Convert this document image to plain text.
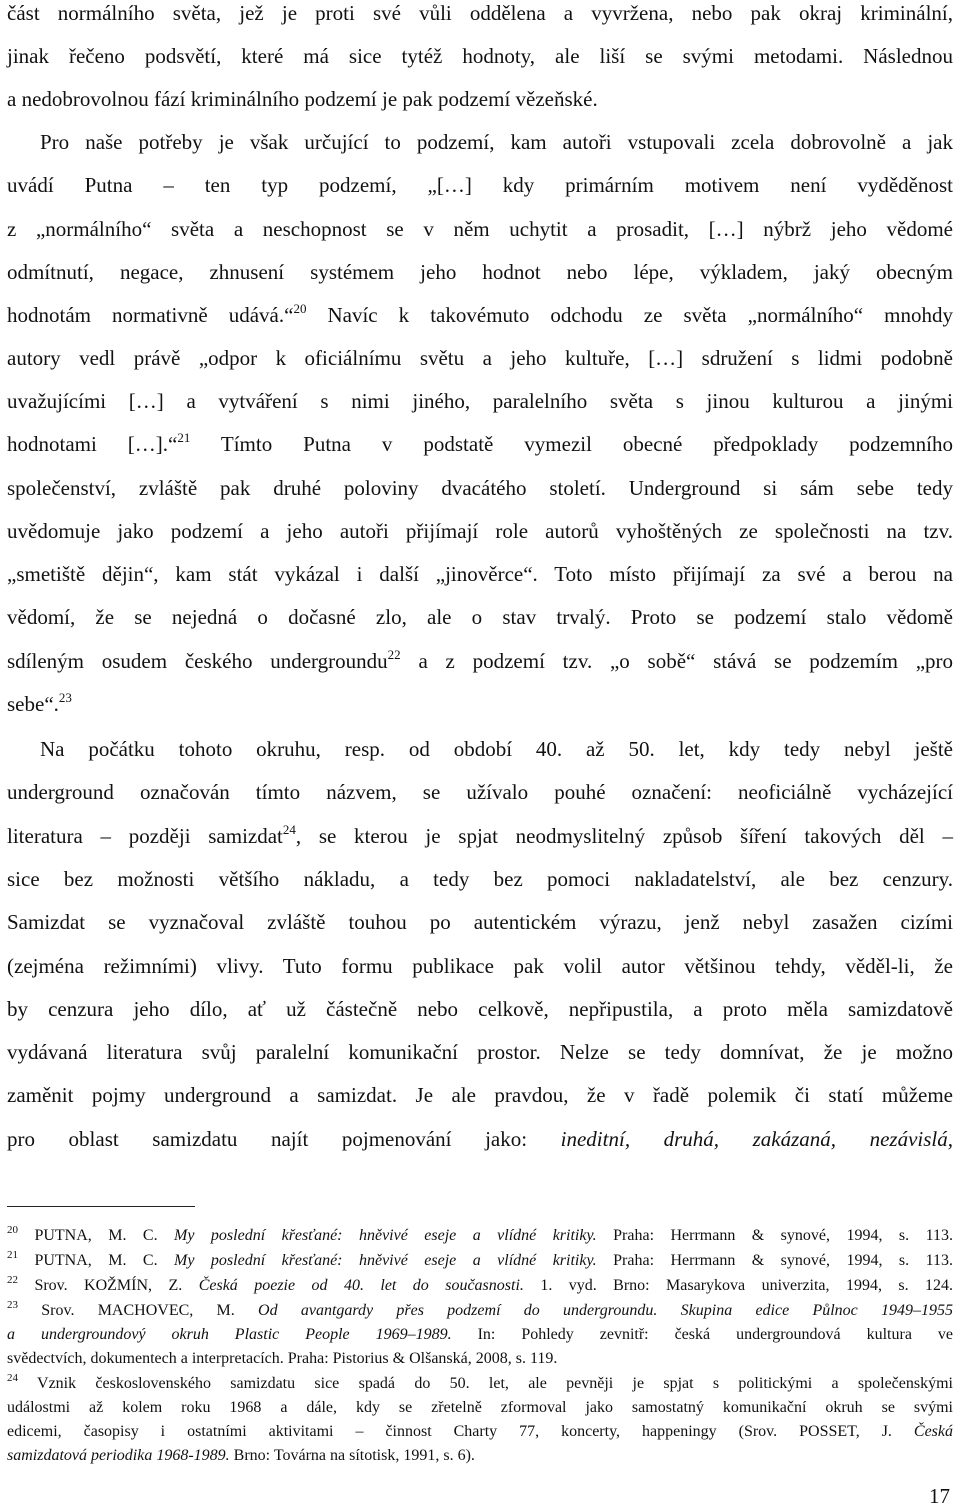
část normálního světa, jež je proti své vůli oddělena a vyvržena, nebo pak okraj kriminální,
jinak řečeno podsvětí, které má sice tytéž hodnoty, ale liší se svými metodami. Následnou
a nedobrovolnou fází kriminálního podzemí je pak podzemí vězeňské.
Pro naše potřeby je však určující to podzemí, kam autoři vstupovali zcela dobrovolně a jak
uvádí Putna – ten typ podzemí, „[…] kdy primárním motivem není vyděděnost
z „normálního“ světa a neschopnost se v něm uchytit a prosadit, […] nýbrž jeho vědomé
odmítnutí, negace, zhnusení systémem jeho hodnot nebo lépe, výkladem, jaký obecným
hodnotám normativně udává.“$^{20}$ Navíc k takovémuto odchodu ze světa „normálního“ mnohdy
autory vedl právě „odpor k oficiálnímu světu a jeho kultuře, […] sdružení s lidmi podobně
uvažujícími […] a vytváření s nimi jiného, paralelního světa s jinou kulturou a jinými
hodnotami […].“$^{21}$ Tímto Putna v podstatě vymezil obecné předpoklady podzemního
společenství, zvláště pak druhé poloviny dvacátého století. Underground si sám sebe tedy
uvědomuje jako podzemí a jeho autoři přijímají role autorů vyhoštěných ze společnosti na tzv.
„smetiště dějin“, kam stát vykázal i další „jinověrce“. Toto místo přijímají za své a berou na
vědomí, že se nejedná o dočasné zlo, ale o stav trvalý. Proto se podzemí stalo vědomě
sdíleným osudem českého undergroundu$^{22}$ a z podzemí tzv. „o sobě“ stává se podzemím „pro
sebe“.$^{23}$
Na počátku tohoto okruhu, resp. od období 40. až 50. let, kdy tedy nebyl ještě
underground označován tímto názvem, se užívalo pouhé označení: neoficiálně vycházející
literatura – později samizdat$^{24}$, se kterou je spjat neodmyslitelný způsob šíření takových děl –
sice bez možnosti většího nákladu, a tedy bez pomoci nakladatelství, ale bez cenzury.
Samizdat se vyznačoval zvláště touhou po autentickém výrazu, jenž nebyl zasažen cizími
(zejména režimními) vlivy. Tuto formu publikace pak volil autor většinou tehdy, věděl-li, že
by cenzura jeho dílo, ať už částečně nebo celkově, nepřipustila, a proto měla samizdatově
vydávaná literatura svůj paralelní komunikační prostor. Nelze se tedy domnívat, že je možno
zaměnit pojmy underground a samizdat. Je ale pravdou, že v řadě polemik či statí můžeme
pro oblast samizdatu najít pojmenování jako: ineditní, druhá, zakázaná, nezávislá,
$^{20}$ PUTNA, M. C. My poslední křesťané: hněvivé eseje a vlídné kritiky. Praha: Herrmann & synové, 1994, s. 113.
$^{21}$ PUTNA, M. C. My poslední křesťané: hněvivé eseje a vlídné kritiky. Praha: Herrmann & synové, 1994, s. 113.
$^{22}$ Srov. KOŽMÍN, Z. Česká poezie od 40. let do současnosti. 1. vyd. Brno: Masarykova univerzita, 1994, s. 124.
$^{23}$ Srov. MACHOVEC, M. Od avantgardy přes podzemí do undergroundu. Skupina edice Půlnoc 1949–1955
a undergroundový okruh Plastic People 1969–1989. In: Pohledy zevnitř: česká undergroundová kultura ve
svědectvích, dokumentech a interpretacích. Praha: Pistorius & Olšanská, 2008, s. 119.
$^{24}$ Vznik československého samizdatu sice spadá do 50. let, ale pevněji je spjat s politickými a společenskými
událostmi až kolem roku 1968 a dále, kdy se zřetelně zformoval jako samostatný komunikační okruh se svými
edicemi, časopisy i ostatními aktivitami – činnost Charty 77, koncerty, happeningy (Srov. POSSET, J. Česká
samizdatová periodika 1968-1989. Brno: Továrna na sítotisk, 1991, s. 6).
17
